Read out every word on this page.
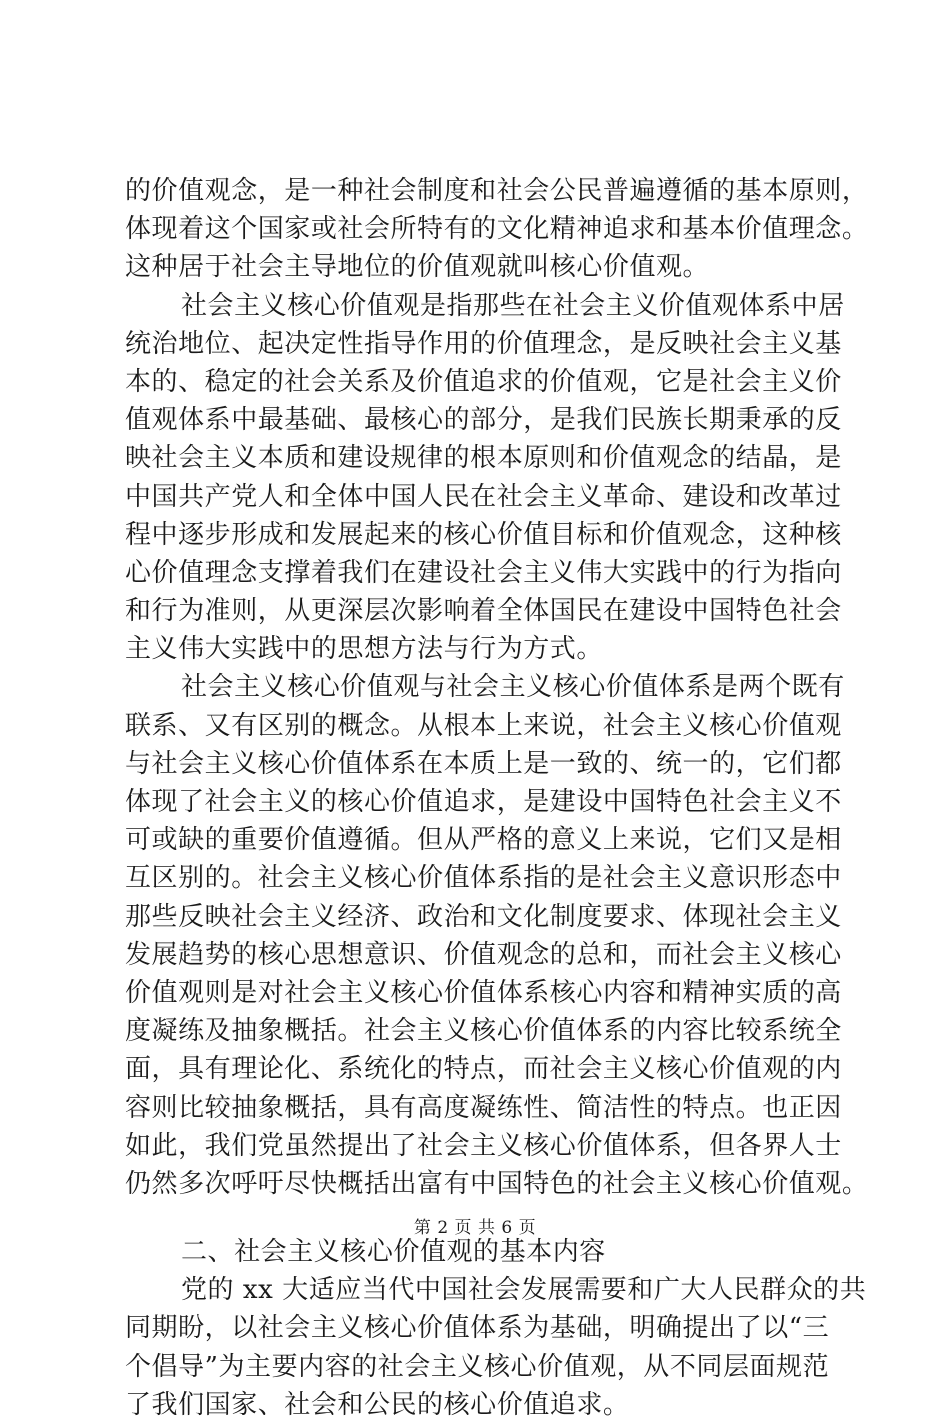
的价值观念，是一种社会制度和社会公民普遍遵循的基本原则，
体现着这个国家或社会所特有的文化精神追求和基本价值理念。
这种居于社会主导地位的价值观就叫核心价值观。
社会主义核心价值观是指那些在社会主义价值观体系中居
统治地位、起决定性指导作用的价值理念，是反映社会主义基
本的、稳定的社会关系及价值追求的价值观，它是社会主义价
值观体系中最基础、最核心的部分，是我们民族长期秉承的反
映社会主义本质和建设规律的根本原则和价值观念的结晶，是
中国共产党人和全体中国人民在社会主义革命、建设和改革过
程中逐步形成和发展起来的核心价值目标和价值观念，这种核
心价值理念支撑着我们在建设社会主义伟大实践中的行为指向
和行为准则，从更深层次影响着全体国民在建设中国特色社会
主义伟大实践中的思想方法与行为方式。
社会主义核心价值观与社会主义核心价值体系是两个既有
联系、又有区别的概念。从根本上来说，社会主义核心价值观
与社会主义核心价值体系在本质上是一致的、统一的，它们都
体现了社会主义的核心价值追求，是建设中国特色社会主义不
可或缺的重要价值遵循。但从严格的意义上来说，它们又是相
互区别的。社会主义核心价值体系指的是社会主义意识形态中
那些反映社会主义经济、政治和文化制度要求、体现社会主义
发展趋势的核心思想意识、价值观念的总和，而社会主义核心
价值观则是对社会主义核心价值体系核心内容和精神实质的高
度凝练及抽象概括。社会主义核心价值体系的内容比较系统全
面，具有理论化、系统化的特点，而社会主义核心价值观的内
容则比较抽象概括，具有高度凝练性、简洁性的特点。也正因
如此，我们党虽然提出了社会主义核心价值体系，但各界人士
仍然多次呼吁尽快概括出富有中国特色的社会主义核心价值观。
二、社会主义核心价值观的基本内容
党的 xx 大适应当代中国社会发展需要和广大人民群众的共
同期盼，以社会主义核心价值体系为基础，明确提出了以“三
个倡导”为主要内容的社会主义核心价值观，从不同层面规范
了我们国家、社会和公民的核心价值追求。
第 2 页 共 6 页
